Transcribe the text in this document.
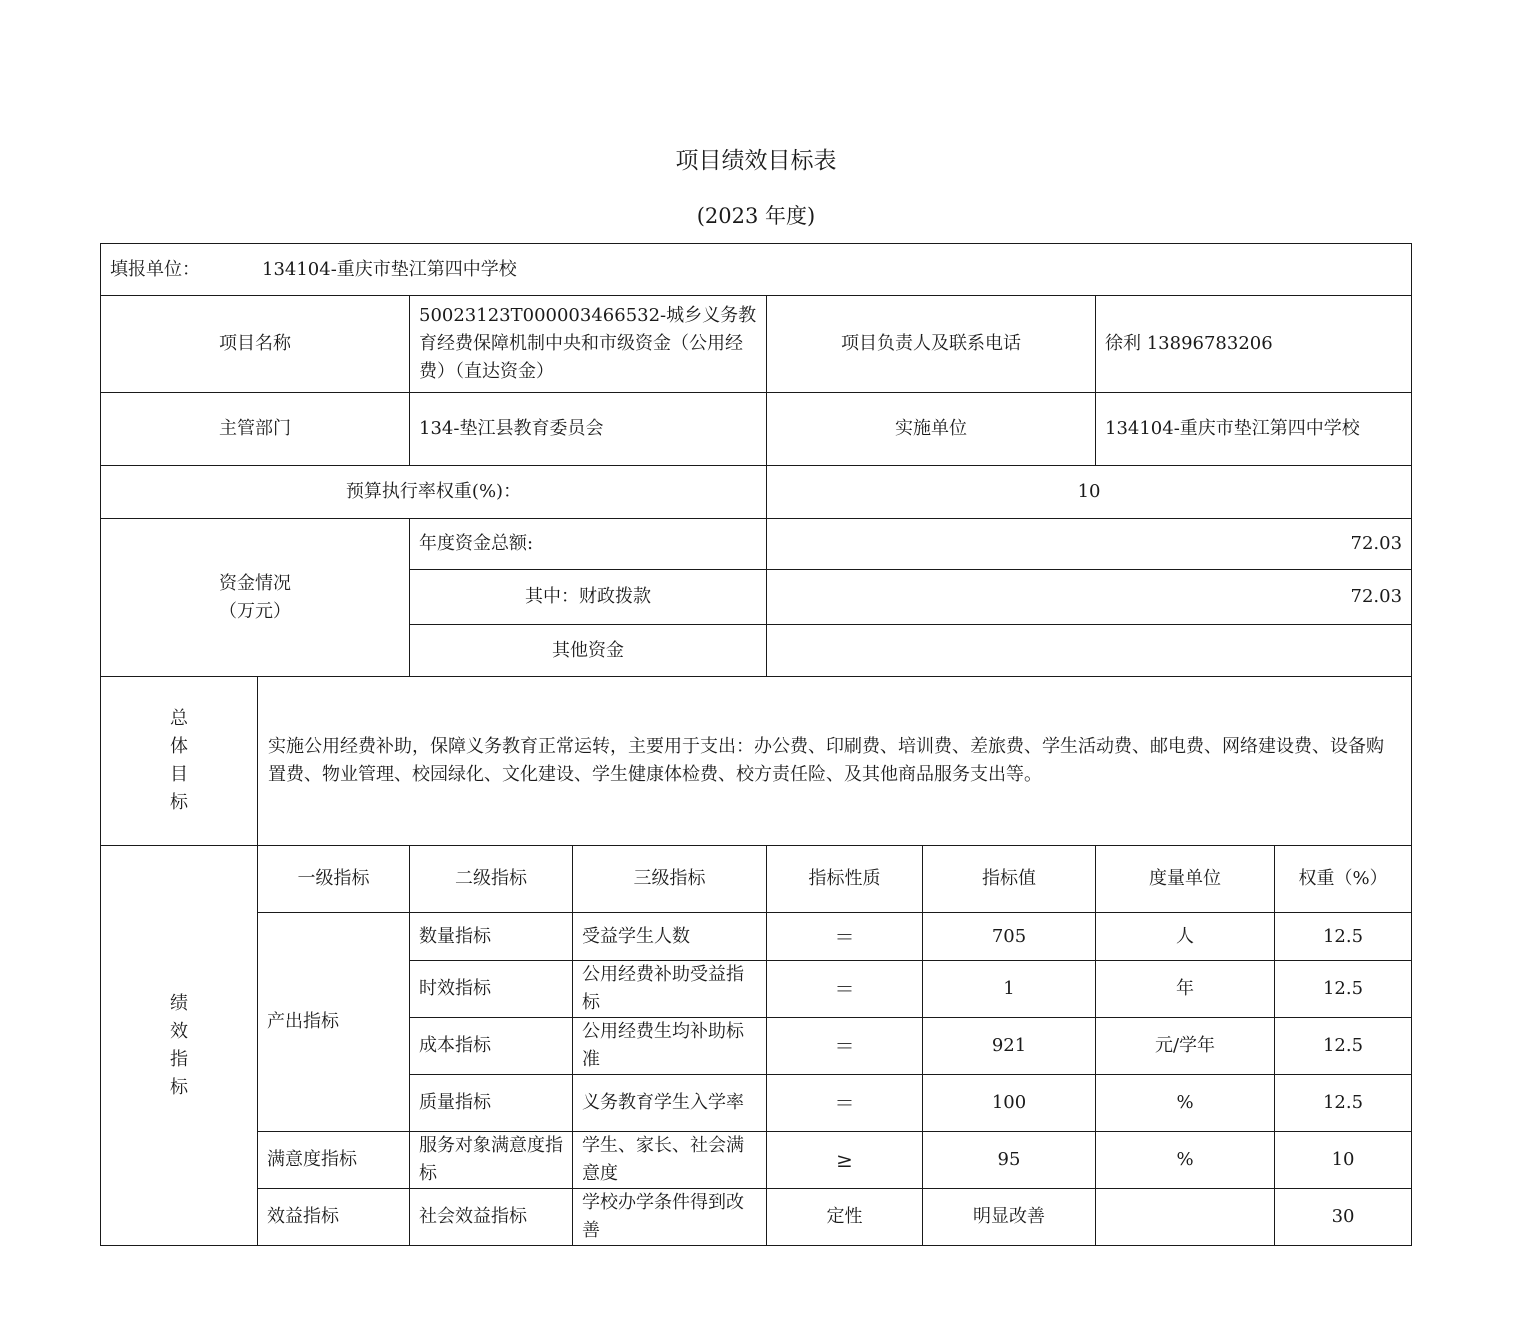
项目绩效目标表
(2023 年度)
填报单位： 134104-重庆市垫江第四中学校							
项目名称		50023123T000003466532-城乡义务教育经费保障机制中央和市级资金（公用经费）（直达资金）		项目负责人及联系电话		徐利 13896783206	
主管部门		134-垫江县教育委员会		实施单位		134104-重庆市垫江第四中学校	
预算执行率权重(%)：				10			

资金情况
（万元）		年度资金总额:		72.03			
		其中：财政拨款		72.03			
		其他资金					

总
体
目
标	实施公用经费补助，保障义务教育正常运转，主要用于支出：办公费、印刷费、培训费、差旅费、学生活动费、邮电费、网络建设费、设备购置费、物业管理、校园绿化、文化建设、学生健康体检费、校方责任险、及其他商品服务支出等。						

绩
效
指
标	一级指标	二级指标	三级指标	指标性质	指标值	度量单位	权重（%）
	产出指标	数量指标	受益学生人数	＝	705	人	12.5
		时效指标	公用经费补助受益指标	＝	1	年	12.5
		成本指标	公用经费生均补助标准	＝	921	元/学年	12.5
		质量指标	义务教育学生入学率	＝	100	%	12.5
	满意度指标	服务对象满意度指标	学生、家长、社会满意度	≥	95	%	10
	效益指标	社会效益指标	学校办学条件得到改善	定性	明显改善		30
